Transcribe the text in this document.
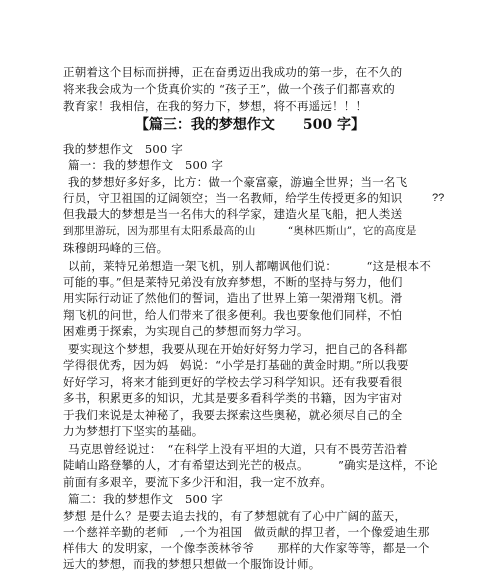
正朝着这个目标而拼搏，正在奋勇迈出我成功的第一步，在不久的
将来我会成为一个货真价实的 “孩子王”，做一个孩子们都喜欢的
教育家！我相信，在我的努力下，梦想，将不再遥远！！！
【篇三：我的梦想作文　　500 字】
我的梦想作文　500 字
篇一：我的梦想作文　500 字
我的梦想好多好多，比方：做一个豪富豪，游遍全世界；当一名飞
行员，守卫祖国的辽阔领空；当一名教师，给学生传授更多的知识	??
但我最大的梦想是当一名伟大的科学家，建造火星飞船，把人类送
到那里游玩，因为那里有太阳系最高的山　　　“奥林匹斯山”，它的高度是
珠穆朗玛峰的三倍。
以前，莱特兄弟想造一架飞机，别人都嘲讽他们说：　　　“这是根本不
可能的事。”但是莱特兄弟没有放弃梦想，不断的坚持与努力，他们
用实际行动证了然他们的誓词，造出了世界上第一架滑翔飞机。滑
翔飞机的问世，给人们带来了很多便利。我也要象他们同样，不怕
困难勇于探索，为实现自己的梦想而努力学习。
要实现这个梦想，我要从现在开始好好努力学习，把自己的各科都
学得很优秀，因为妈　妈说：“小学是打基础的黄金时期。”所以我要
好好学习，将来才能到更好的学校去学习科学知识。还有我要看很
多书，积累更多的知识，尤其是要多看科学类的书籍，因为宇宙对
于我们来说是太神秘了，我要去探索这些奥秘，就必须尽自己的全
力为梦想打下坚实的基础。
马克思曾经说过：　“在科学上没有平坦的大道，只有不畏劳苦沿着
陡峭山路登攀的人，才有希望达到光芒的极点。　　　”确实是这样，不论
前面有多艰辛，要流下多少汗和泪，我一定不放弃。
篇二：我的梦想作文　500 字
梦想 是什么？是要去追去找的，有了梦想就有了心中广阔的蓝天，
一个慈祥辛勤的老师　,一个为祖国　做贡献的捍卫者，一个像爱迪生那
样伟大 的发明家，一个像李羡林爷爷　　那样的大作家等等，都是一个
远大的梦想，而我的梦想只想做一个服饰设计师。
